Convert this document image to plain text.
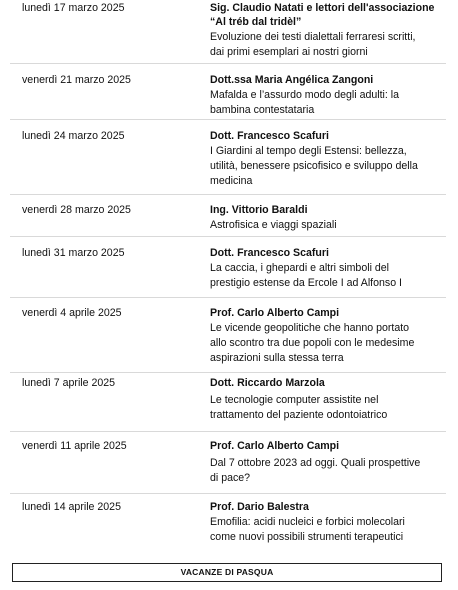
lunedì 17 marzo 2025	Sig. Claudio Natati e lettori dell'associazione
“Al tréb dal tridèl”
Evoluzione dei testi dialettali ferraresi scritti,
dai primi esemplari ai nostri giorni
venerdì 21 marzo 2025	Dott.ssa Maria Angélica Zangoni
Mafalda e l’assurdo modo degli adulti: la
bambina contestataria
lunedì 24 marzo 2025	Dott. Francesco Scafuri
I Giardini al tempo degli Estensi: bellezza,
utilità, benessere psicofisico e sviluppo della
medicina
venerdì 28 marzo 2025	Ing. Vittorio Baraldi
Astrofisica e viaggi spaziali
lunedì 31 marzo 2025	Dott. Francesco Scafuri
La caccia, i ghepardi e altri simboli del
prestigio estense da Ercole I ad Alfonso I
venerdì 4 aprile 2025	Prof. Carlo Alberto Campi
Le vicende geopolitiche che hanno portato
allo scontro tra due popoli con le medesime
aspirazioni sulla stessa terra
lunedì 7 aprile 2025	Dott. Riccardo Marzola
Le tecnologie computer assistite nel
trattamento del paziente odontoiatrico
venerdì 11 aprile 2025	Prof. Carlo Alberto Campi
Dal 7 ottobre 2023 ad oggi. Quali prospettive
di pace?
lunedì 14 aprile 2025	Prof. Dario Balestra
Emofilia: acidi nucleici e forbici molecolari
come nuovi possibili strumenti terapeutici
VACANZE DI PASQUA
